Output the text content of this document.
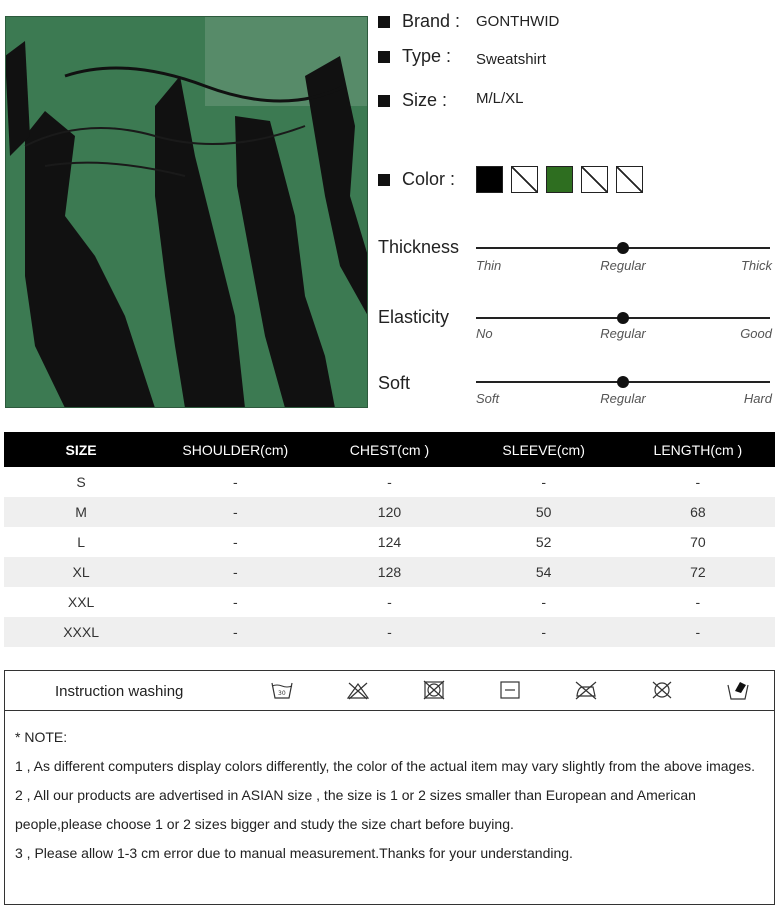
Brand :	GONTHWID
Type :	Sweatshirt
Size :	M/L/XL
Color :
Thickness
Thin	Regular	Thick
Elasticity
No	Regular	Good
Soft
Soft	Regular	Hard
SIZE	SHOULDER(cm)	CHEST(cm )	SLEEVE(cm)	LENGTH(cm )
S	-	-	-	-
M	-	120	50	68
L	-	124	52	70
XL	-	128	54	72
XXL	-	-	-	-
XXXL	-	-	-	-
Instruction washing	30

* NOTE:

1 , As different computers display colors differently, the color of the actual item may vary slightly from the above images.

2 , All our products are advertised in ASIAN size , the size is 1 or 2 sizes smaller than European and American people,please choose 1 or 2 sizes bigger and study the size chart before buying.

3 , Please allow 1-3 cm error due to manual measurement.Thanks for your understanding.
